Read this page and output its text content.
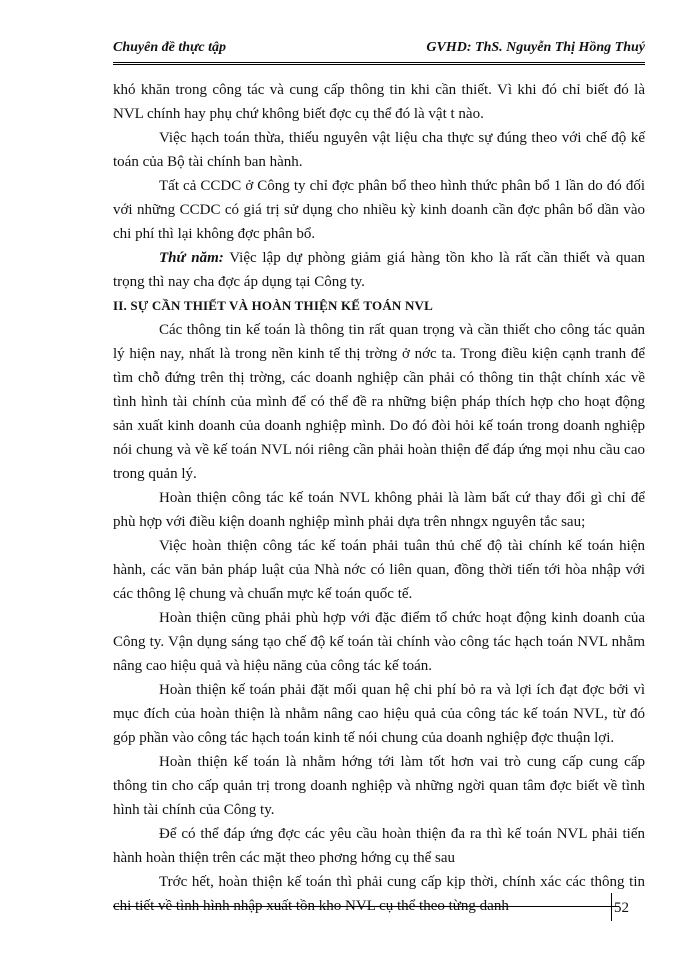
Chuyên đề thực tập	GVHD: ThS. Nguyễn Thị Hồng Thuý

khó khăn trong công tác và cung cấp thông tin khi cần thiết. Vì khi đó chỉ biết đó là NVL chính hay phụ chứ không biết đợc cụ thể đó là vật t nào.

Việc hạch toán thừa, thiếu nguyên vật liệu cha thực sự đúng theo với chế độ kế toán của Bộ tài chính ban hành.

Tất cả CCDC ở Công ty chỉ đợc phân bổ theo hình thức phân bổ 1 lần do đó đối với những CCDC có giá trị sử dụng cho nhiều kỳ kinh doanh cần đợc phân bổ dần vào chi phí thì lại không đợc phân bổ.

Thứ năm: Việc lập dự phòng giảm giá hàng tồn kho là rất cần thiết và quan trọng thì nay cha đợc áp dụng tại Công ty.

II. SỰ CẦN THIẾT VÀ HOÀN THIỆN KẾ TOÁN NVL

Các thông tin kế toán là thông tin rất quan trọng và cần thiết cho công tác quản lý hiện nay, nhất là trong nền kinh tế thị trờng ở nớc ta. Trong điều kiện cạnh tranh để tìm chỗ đứng trên thị trờng, các doanh nghiệp cần phải có thông tin thật chính xác về tình hình tài chính của mình để có thể đề ra những biện pháp thích hợp cho hoạt động sản xuất kinh doanh của doanh nghiệp mình. Do đó đòi hỏi kế toán trong doanh nghiệp nói chung và về kế toán NVL nói riêng cần phải hoàn thiện để đáp ứng mọi nhu cầu cao trong quản lý.

Hoàn thiện công tác kế toán NVL không phải là làm bất cứ thay đổi gì chỉ để phù hợp với điều kiện doanh nghiệp mình phải dựa trên nhngx nguyên tắc sau;

Việc hoàn thiện công tác kế toán phải tuân thủ chế độ tài chính kế toán hiện hành, các văn bản pháp luật của Nhà nớc có liên quan, đồng thời tiến tới hòa nhập với các thông lệ chung và chuẩn mực kế toán quốc tế.

Hoàn thiện cũng phải phù hợp với đặc điểm tổ chức hoạt động kinh doanh của Công ty. Vận dụng sáng tạo chế độ kế toán tài chính vào công tác hạch toán NVL nhằm nâng cao hiệu quả và hiệu năng của công tác kế toán.

Hoàn thiện kế toán phải đặt mối quan hệ chi phí bỏ ra và lợi ích đạt đợc bởi vì mục đích của hoàn thiện là nhằm nâng cao hiệu quả của công tác kế toán NVL, từ đó góp phần vào công tác hạch toán kinh tế nói chung của doanh nghiệp đợc thuận lợi.

Hoàn thiện kế toán là nhằm hớng tới làm tốt hơn vai trò cung cấp cung cấp thông tin cho cấp quản trị trong doanh nghiệp và những ngời quan tâm đợc biết về tình hình tài chính của Công ty.

Để có thể đáp ứng đợc các yêu cầu hoàn thiện đa ra thì kế toán NVL phải tiến hành hoàn thiện trên các mặt theo phơng hớng cụ thể sau

Trớc hết, hoàn thiện kế toán thì phải cung cấp kịp thời, chính xác các thông tin chi tiết về tình hình nhập xuất tồn kho NVL cụ thể theo từng danh	52
